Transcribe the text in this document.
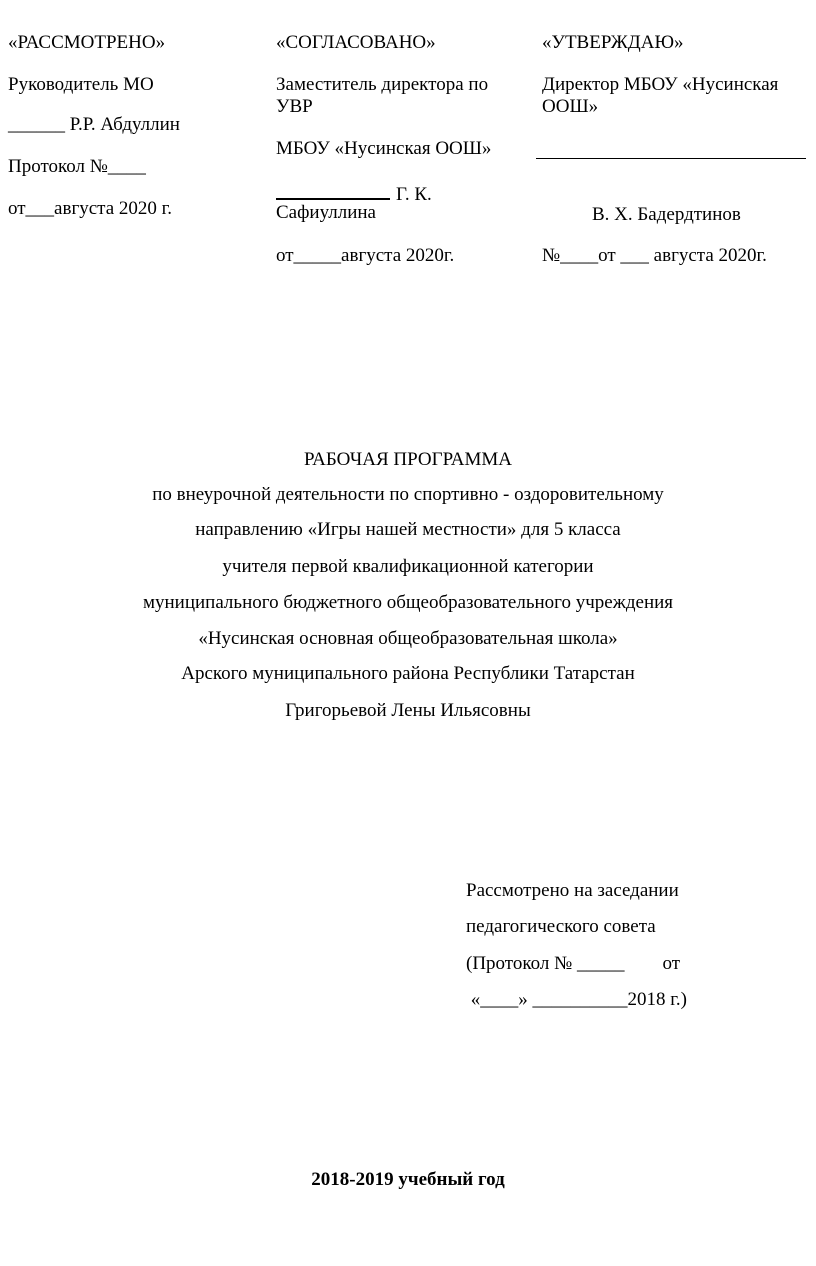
«РАССМОТРЕНО»
Руководитель МО
______ Р.Р. Абдуллин
Протокол №____
от___августа 2020 г.
«СОГЛАСОВАНО»
Заместитель директора по
УВР
МБОУ «Нусинская ООШ»
Г. К.
Сафиуллина
от_____августа 2020г.
«УТВЕРЖДАЮ»
Директор МБОУ «Нусинская
ООШ»
В. Х. Бадердтинов
№____от ___ августа 2020г.
РАБОЧАЯ ПРОГРАММА
по внеурочной деятельности по спортивно - оздоровительному
направлению «Игры нашей местности» для 5 класса
учителя первой квалификационной категории
муниципального бюджетного общеобразовательного учреждения
«Нусинская основная общеобразовательная школа»
Арского муниципального района Республики Татарстан
Григорьевой Лены Ильясовны
Рассмотрено на заседании
педагогического совета
(Протокол № _____        от
«____» __________2018 г.)
2018-2019 учебный год
